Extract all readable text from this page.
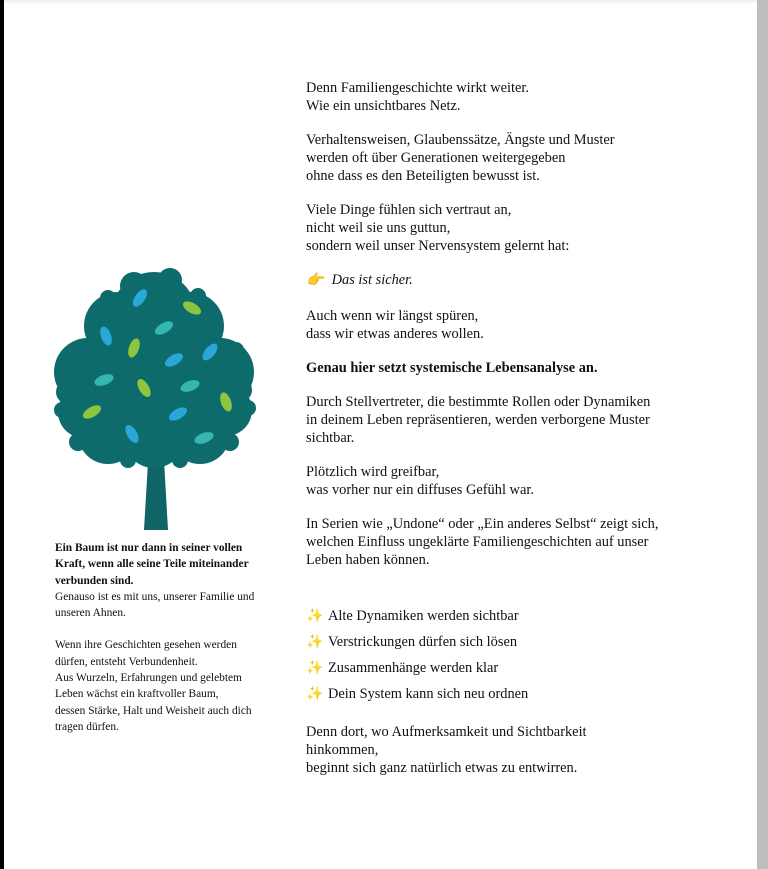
Ein Baum ist nur dann in seiner vollen Kraft, wenn alle seine Teile miteinander verbunden sind.
Genauso ist es mit uns, unserer Familie und unseren Ahnen.

Wenn ihre Geschichten gesehen werden dürfen, entsteht Verbundenheit.
Aus Wurzeln, Erfahrungen und gelebtem Leben wächst ein kraftvoller Baum,
dessen Stärke, Halt und Weisheit auch dich tragen dürfen.

Denn Familiengeschichte wirkt weiter.
Wie ein unsichtbares Netz.

Verhaltensweisen, Glaubenssätze, Ängste und Muster
werden oft über Generationen weitergegeben
ohne dass es den Beteiligten bewusst ist.

Viele Dinge fühlen sich vertraut an,
nicht weil sie uns guttun,
sondern weil unser Nervensystem gelernt hat:

👉 Das ist sicher.

Auch wenn wir längst spüren,
dass wir etwas anderes wollen.

Genau hier setzt systemische Lebensanalyse an.

Durch Stellvertreter, die bestimmte Rollen oder Dynamiken
in deinem Leben repräsentieren, werden verborgene Muster
sichtbar.

Plötzlich wird greifbar,
was vorher nur ein diffuses Gefühl war.

In Serien wie „Undone“ oder „Ein anderes Selbst“ zeigt sich,
welchen Einfluss ungeklärte Familiengeschichten auf unser
Leben haben können.

✨ Alte Dynamiken werden sichtbar
✨ Verstrickungen dürfen sich lösen
✨ Zusammenhänge werden klar
✨ Dein System kann sich neu ordnen

Denn dort, wo Aufmerksamkeit und Sichtbarkeit
hinkommen,
beginnt sich ganz natürlich etwas zu entwirren.
